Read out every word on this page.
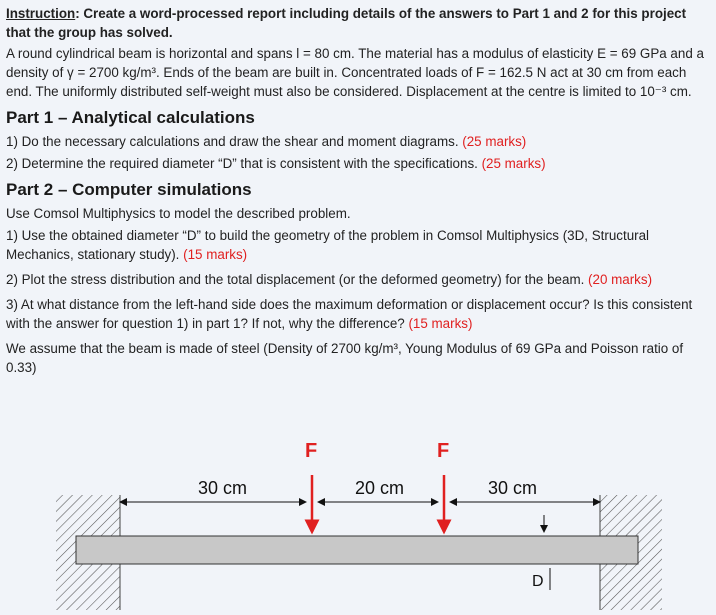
Instruction: Create a word-processed report including details of the answers to Part 1 and 2 for this project that the group has solved.

A round cylindrical beam is horizontal and spans l = 80 cm. The material has a modulus of elasticity E = 69 GPa and a density of γ = 2700 kg/m³. Ends of the beam are built in. Concentrated loads of F = 162.5 N act at 30 cm from each end. The uniformly distributed self-weight must also be considered. Displacement at the centre is limited to 10⁻³ cm.

Part 1 – Analytical calculations

1) Do the necessary calculations and draw the shear and moment diagrams. (25 marks)

2) Determine the required diameter “D” that is consistent with the specifications. (25 marks)

Part 2 – Computer simulations

Use Comsol Multiphysics to model the described problem.

1) Use the obtained diameter “D” to build the geometry of the problem in Comsol Multiphysics (3D, Structural Mechanics, stationary study). (15 marks)

2) Plot the stress distribution and the total displacement (or the deformed geometry) for the beam. (20 marks)

3) At what distance from the left-hand side does the maximum deformation or displacement occur? Is this consistent with the answer for question 1) in part 1? If not, why the difference? (15 marks)

We assume that the beam is made of steel (Density of 2700 kg/m³, Young Modulus of 69 GPa and Poisson ratio of 0.33)

F	F
30 cm	20 cm	30 cm
D
